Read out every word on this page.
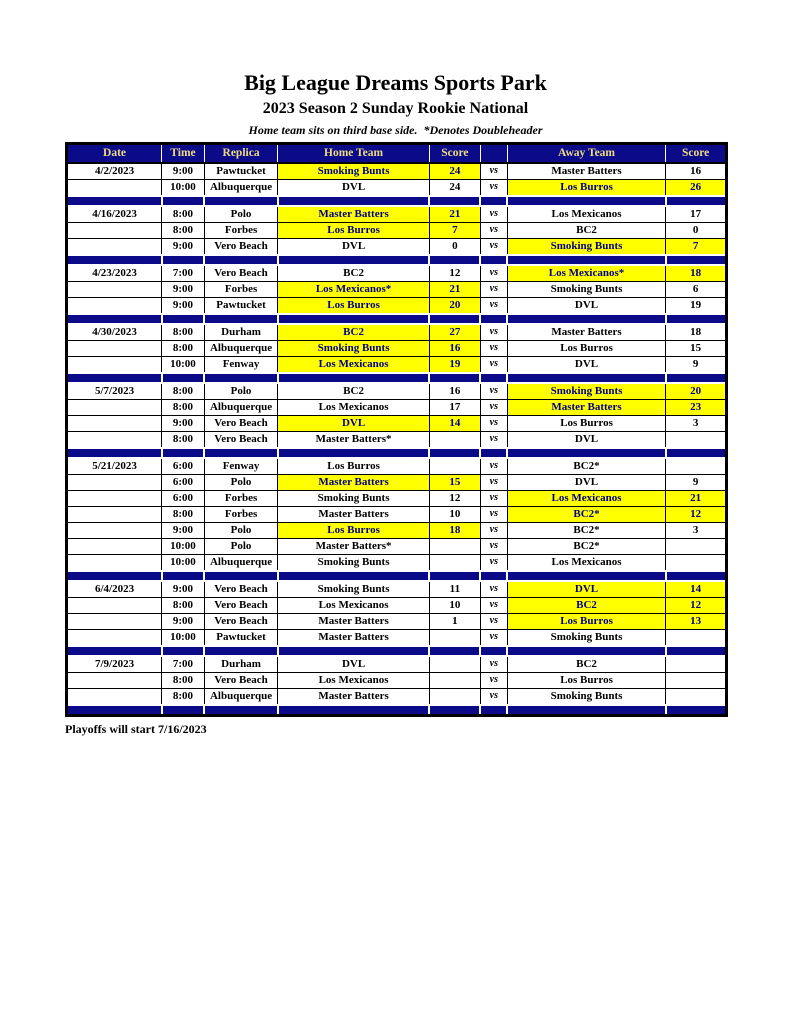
Big League Dreams Sports Park
2023 Season 2 Sunday Rookie National
Home team sits on third base side.  *Denotes Doubleheader
Date	Time	Replica	Home Team	Score		Away Team	Score
4/2/2023	9:00	Pawtucket	Smoking Bunts	24	vs	Master Batters	16
	10:00	Albuquerque	DVL	24	vs	Los Burros	26

4/16/2023	8:00	Polo	Master Batters	21	vs	Los Mexicanos	17
	8:00	Forbes	Los Burros	7	vs	BC2	0
	9:00	Vero Beach	DVL	0	vs	Smoking Bunts	7

4/23/2023	7:00	Vero Beach	BC2	12	vs	Los Mexicanos*	18
	9:00	Forbes	Los Mexicanos*	21	vs	Smoking Bunts	6
	9:00	Pawtucket	Los Burros	20	vs	DVL	19

4/30/2023	8:00	Durham	BC2	27	vs	Master Batters	18
	8:00	Albuquerque	Smoking Bunts	16	vs	Los Burros	15
	10:00	Fenway	Los Mexicanos	19	vs	DVL	9

5/7/2023	8:00	Polo	BC2	16	vs	Smoking Bunts	20
	8:00	Albuquerque	Los Mexicanos	17	vs	Master Batters	23
	9:00	Vero Beach	DVL	14	vs	Los Burros	3
	8:00	Vero Beach	Master Batters*		vs	DVL	

5/21/2023	6:00	Fenway	Los Burros		vs	BC2*	
	6:00	Polo	Master Batters	15	vs	DVL	9
	6:00	Forbes	Smoking Bunts	12	vs	Los Mexicanos	21
	8:00	Forbes	Master Batters	10	vs	BC2*	12
	9:00	Polo	Los Burros	18	vs	BC2*	3
	10:00	Polo	Master Batters*		vs	BC2*	
	10:00	Albuquerque	Smoking Bunts		vs	Los Mexicanos	

6/4/2023	9:00	Vero Beach	Smoking Bunts	11	vs	DVL	14
	8:00	Vero Beach	Los Mexicanos	10	vs	BC2	12
	9:00	Vero Beach	Master Batters	1	vs	Los Burros	13
	10:00	Pawtucket	Master Batters		vs	Smoking Bunts	

7/9/2023	7:00	Durham	DVL		vs	BC2	
	8:00	Vero Beach	Los Mexicanos		vs	Los Burros	
	8:00	Albuquerque	Master Batters		vs	Smoking Bunts	

Playoffs will start 7/16/2023
